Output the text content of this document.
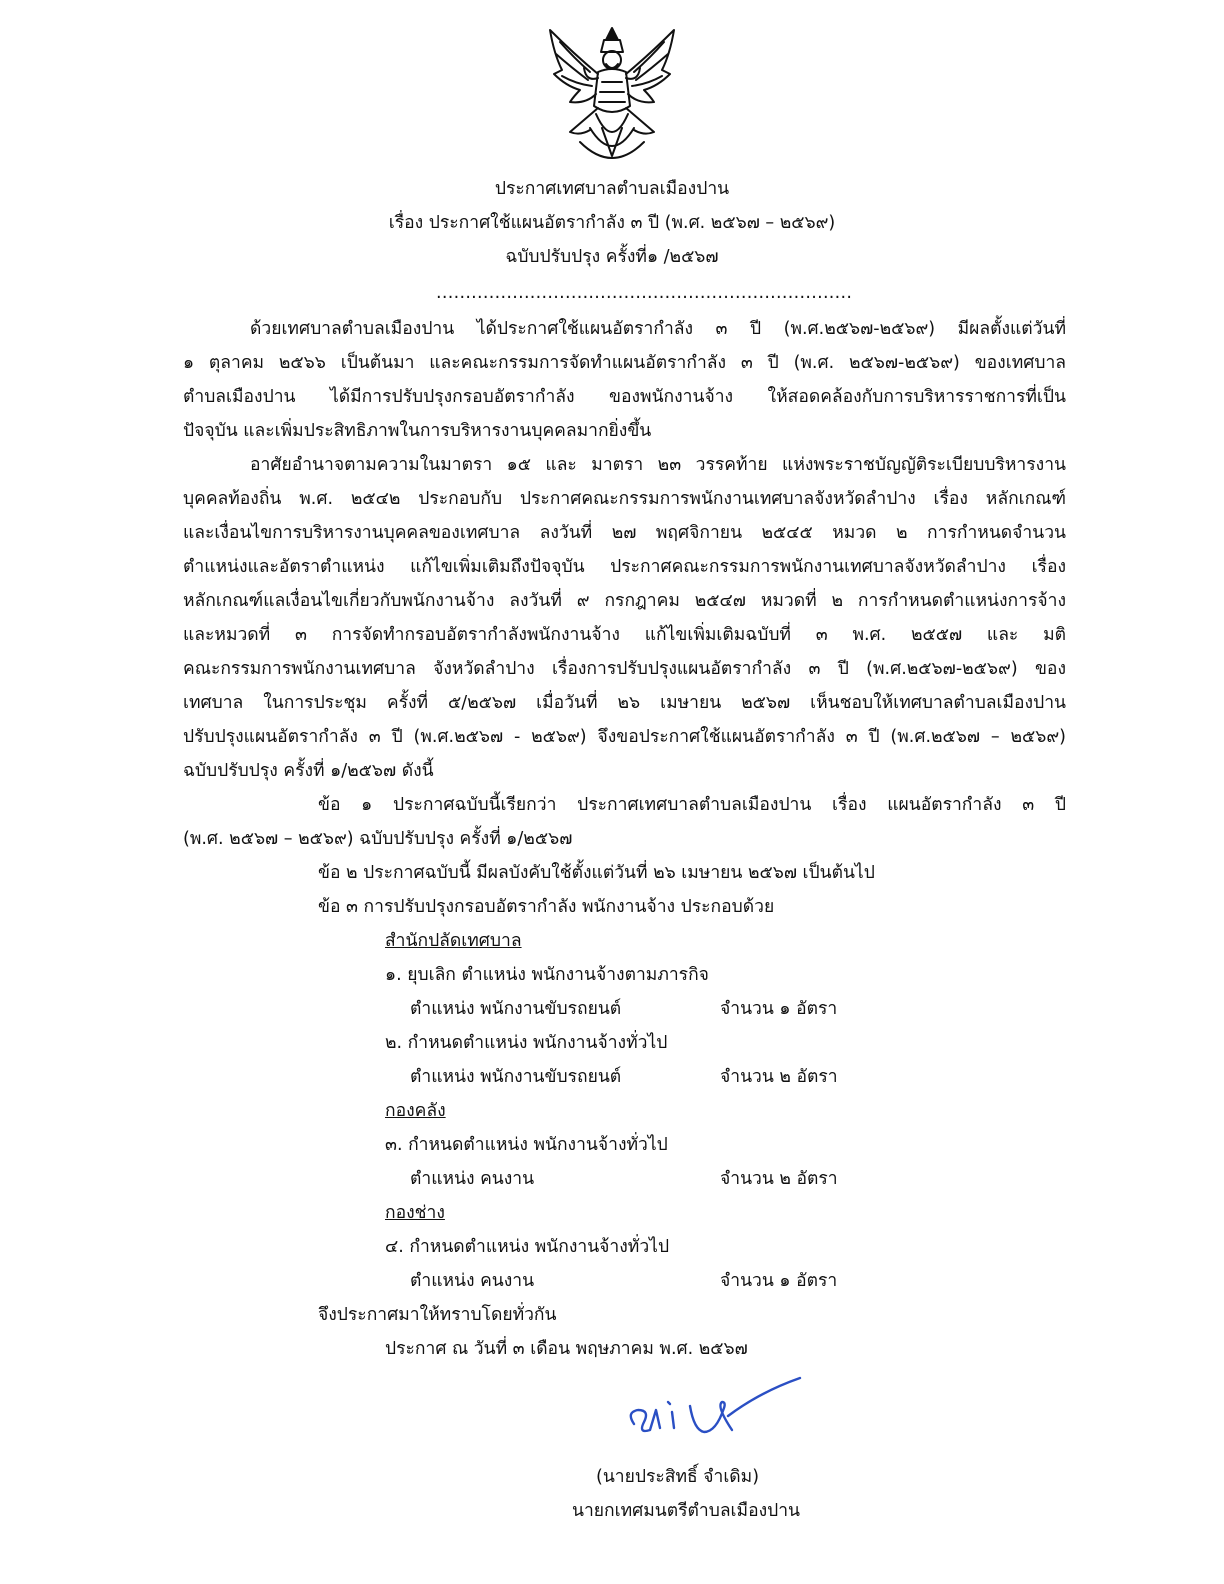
ประกาศเทศบาลตำบลเมืองปาน

เรื่อง ประกาศใช้แผนอัตรากำลัง ๓ ปี (พ.ศ. ๒๕๖๗ – ๒๕๖๙)

ฉบับปรับปรุง ครั้งที่๑ /๒๕๖๗

.......................................................................

ด้วยเทศบาลตำบลเมืองปาน ได้ประกาศใช้แผนอัตรากำลัง ๓ ปี (พ.ศ.๒๕๖๗-๒๕๖๙) มีผลตั้งแต่วันที่

๑ ตุลาคม ๒๕๖๖ เป็นต้นมา และคณะกรรมการจัดทำแผนอัตรากำลัง ๓ ปี (พ.ศ. ๒๕๖๗-๒๕๖๙) ของเทศบาล

ตำบลเมืองปาน ได้มีการปรับปรุงกรอบอัตรากำลัง ของพนักงานจ้าง ให้สอดคล้องกับการบริหารราชการที่เป็น

ปัจจุบัน และเพิ่มประสิทธิภาพในการบริหารงานบุคคลมากยิ่งขึ้น

อาศัยอำนาจตามความในมาตรา ๑๕ และ มาตรา ๒๓ วรรคท้าย แห่งพระราชบัญญัติระเบียบบริหารงาน

บุคคลท้องถิ่น พ.ศ. ๒๕๔๒ ประกอบกับ ประกาศคณะกรรมการพนักงานเทศบาลจังหวัดลำปาง เรื่อง หลักเกณฑ์

และเงื่อนไขการบริหารงานบุคคลของเทศบาล ลงวันที่ ๒๗ พฤศจิกายน ๒๕๔๕ หมวด ๒ การกำหนดจำนวน

ตำแหน่งและอัตราตำแหน่ง แก้ไขเพิ่มเติมถึงปัจจุบัน ประกาศคณะกรรมการพนักงานเทศบาลจังหวัดลำปาง เรื่อง

หลักเกณฑ์แลเงื่อนไขเกี่ยวกับพนักงานจ้าง ลงวันที่ ๙ กรกฎาคม ๒๕๔๗ หมวดที่ ๒ การกำหนดตำแหน่งการจ้าง

และหมวดที่ ๓ การจัดทำกรอบอัตรากำลังพนักงานจ้าง แก้ไขเพิ่มเติมฉบับที่ ๓ พ.ศ. ๒๕๕๗ และ มติ

คณะกรรมการพนักงานเทศบาล จังหวัดลำปาง เรื่องการปรับปรุงแผนอัตรากำลัง ๓ ปี (พ.ศ.๒๕๖๗-๒๕๖๙) ของ

เทศบาล ในการประชุม ครั้งที่ ๕/๒๕๖๗ เมื่อวันที่ ๒๖ เมษายน ๒๕๖๗ เห็นชอบให้เทศบาลตำบลเมืองปาน

ปรับปรุงแผนอัตรากำลัง ๓ ปี (พ.ศ.๒๕๖๗ - ๒๕๖๙) จึงขอประกาศใช้แผนอัตรากำลัง ๓ ปี (พ.ศ.๒๕๖๗ – ๒๕๖๙)

ฉบับปรับปรุง ครั้งที่ ๑/๒๕๖๗ ดังนี้

ข้อ ๑ ประกาศฉบับนี้เรียกว่า ประกาศเทศบาลตำบลเมืองปาน เรื่อง แผนอัตรากำลัง ๓ ปี

(พ.ศ. ๒๕๖๗ – ๒๕๖๙) ฉบับปรับปรุง ครั้งที่ ๑/๒๕๖๗

ข้อ ๒ ประกาศฉบับนี้ มีผลบังคับใช้ตั้งแต่วันที่ ๒๖ เมษายน ๒๕๖๗ เป็นต้นไป

ข้อ ๓ การปรับปรุงกรอบอัตรากำลัง พนักงานจ้าง ประกอบด้วย

สำนักปลัดเทศบาล

๑. ยุบเลิก ตำแหน่ง พนักงานจ้างตามภารกิจ

ตำแหน่ง พนักงานขับรถยนต์	จำนวน ๑ อัตรา

๒. กำหนดตำแหน่ง พนักงานจ้างทั่วไป

ตำแหน่ง พนักงานขับรถยนต์	จำนวน ๒ อัตรา

กองคลัง

๓. กำหนดตำแหน่ง พนักงานจ้างทั่วไป

ตำแหน่ง คนงาน	จำนวน ๒ อัตรา

กองช่าง

๔. กำหนดตำแหน่ง พนักงานจ้างทั่วไป

ตำแหน่ง คนงาน	จำนวน ๑ อัตรา

จึงประกาศมาให้ทราบโดยทั่วกัน

ประกาศ ณ วันที่ ๓ เดือน พฤษภาคม พ.ศ. ๒๕๖๗

(นายประสิทธิ์ จำเดิม)

นายกเทศมนตรีตำบลเมืองปาน
